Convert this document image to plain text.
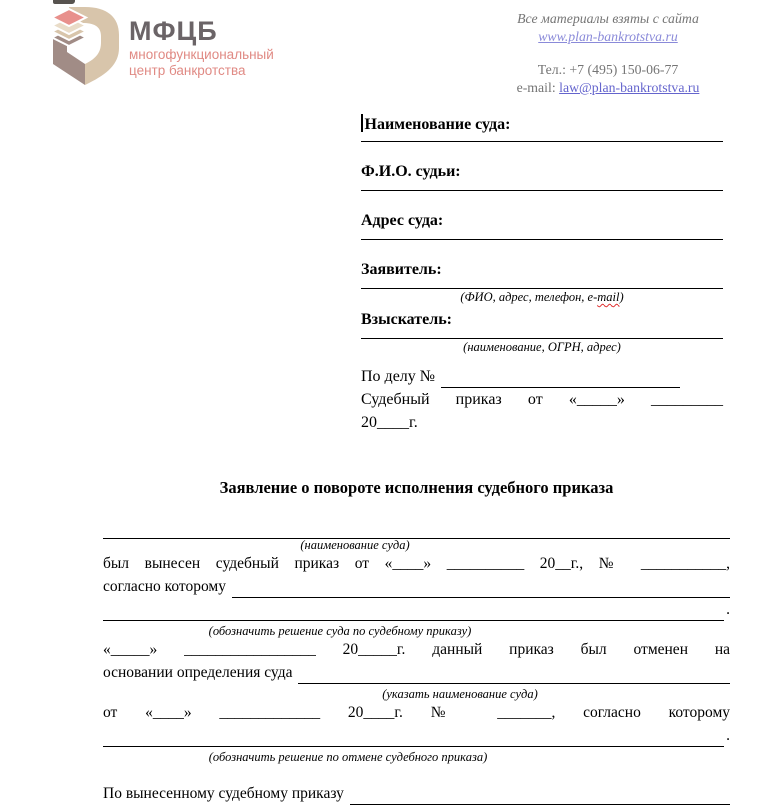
МФЦБ
многофункциональный
центр банкротства
Все материалы взяты с сайта
www.plan-bankrotstva.ru
Тел.: +7 (495) 150-06-77
e-mail: law@plan-bankrotstva.ru
Наименование суда:
Ф.И.О. судьи:
Адрес суда:
Заявитель:
(ФИО, адрес, телефон, e-mail)
Взыскатель:
(наименование, ОГРН, адрес)
По делу №
Судебный приказ от «_____» _________
20____г.
Заявление о повороте исполнения судебного приказа
(наименование суда)
был вынесен судебный приказ от «____» __________ 20__г., № ___________,
согласно которому
.
(обозначить решение суда по судебному приказу)
«_____» _________________ 20_____г. данный приказ был отменен на
основании определения суда
(указать наименование суда)
от «____» _____________ 20____г. № _______, согласно которому
.
(обозначить решение по отмене судебного приказа)
По вынесенному судебному приказу
